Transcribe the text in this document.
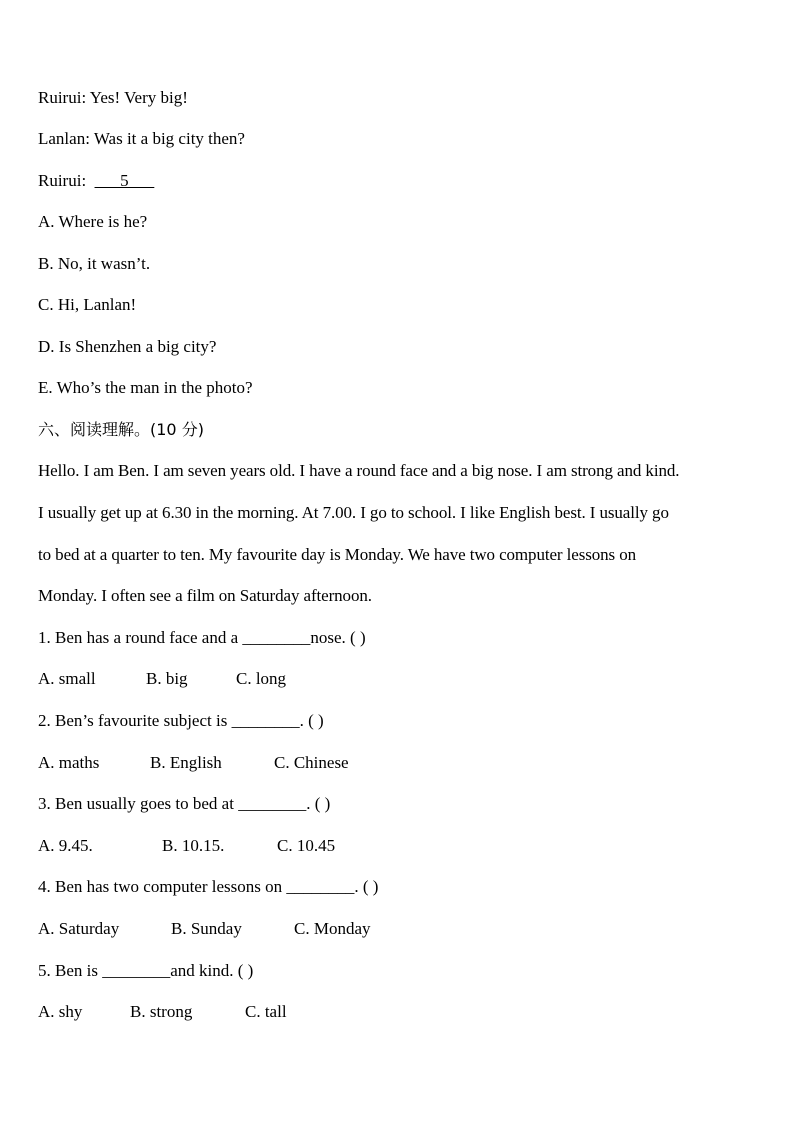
Ruirui: Yes! Very big!

Lanlan: Was it a big city then?

Ruirui:  ___5___

A. Where is he?

B. No, it wasn’t.

C. Hi, Lanlan!

D. Is Shenzhen a big city?

E. Who’s the man in the photo?

六、阅读理解。(10 分)

Hello. I am Ben. I am seven years old. I have a round face and a big nose. I am strong and kind.

I usually get up at 6.30 in the morning. At 7.00. I go to school. I like English best. I usually go

to bed at a quarter to ten. My favourite day is Monday. We have two computer lessons on

Monday. I often see a film on Saturday afternoon.

1. Ben has a round face and a ________nose. ( )

A. small	B. big	C. long

2. Ben’s favourite subject is ________. ( )

A. maths	B. English	C. Chinese

3. Ben usually goes to bed at ________. ( )

A. 9.45.	B. 10.15.	C. 10.45

4. Ben has two computer lessons on ________. ( )

A. Saturday	B. Sunday	C. Monday

5. Ben is ________and kind. ( )

A. shy	B. strong	C. tall
